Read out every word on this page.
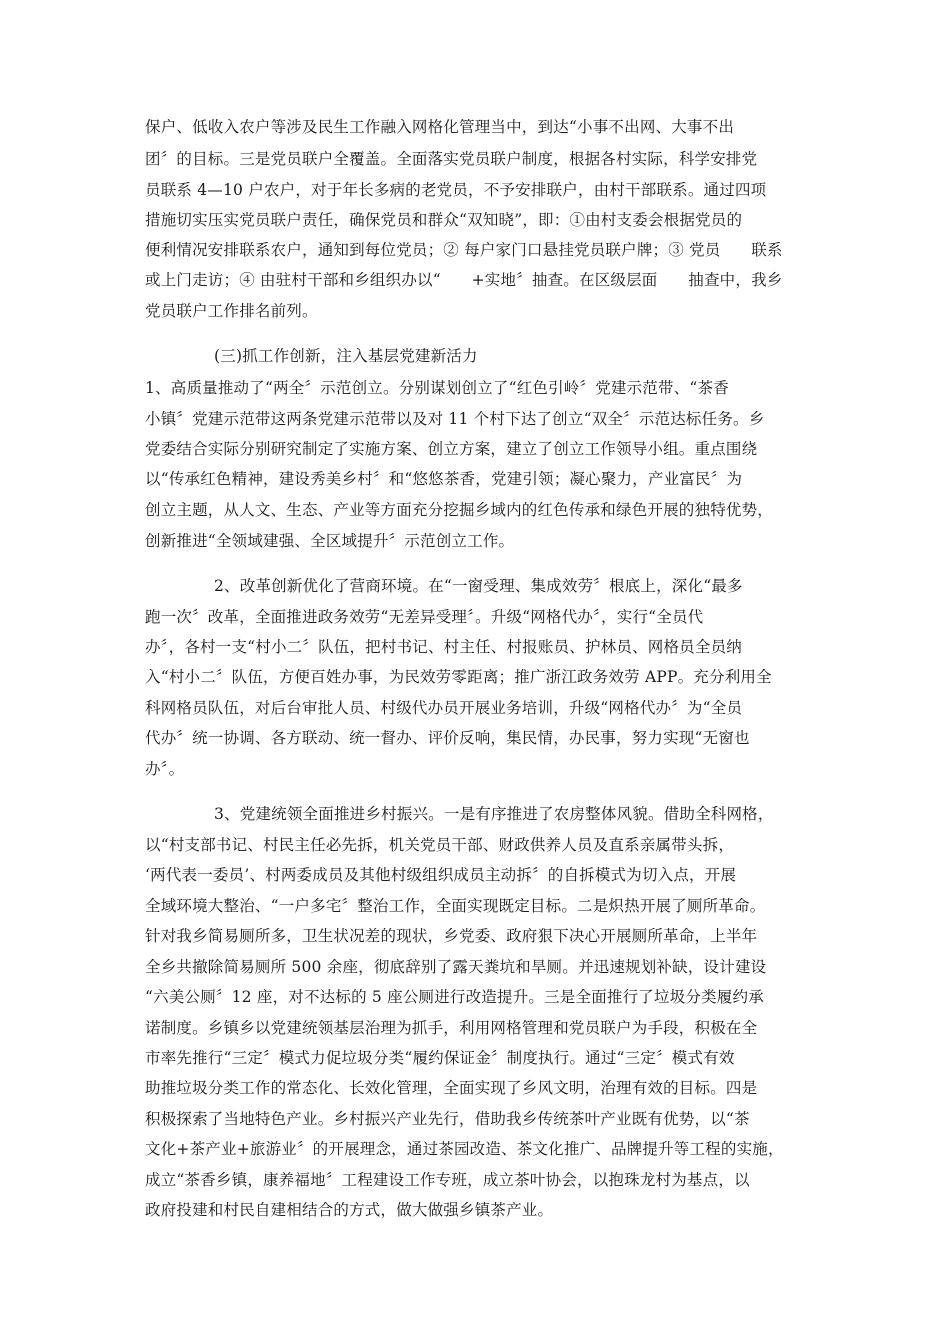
保户、低收入农户等涉及民生工作融入网格化管理当中，到达“小事不出网、大事不出
团〞的目标。三是党员联户全覆盖。全面落实党员联户制度，根据各村实际，科学安排党
员联系 4—10 户农户，对于年长多病的老党员，不予安排联户，由村干部联系。通过四项
措施切实压实党员联户责任，确保党员和群众“双知晓”，即：①由村支委会根据党员的
便利情况安排联系农户，通知到每位党员；② 每户家门口悬挂党员联户牌；③ 党员      联系
或上门走访；④ 由驻村干部和乡组织办以“      +实地〞抽查。在区级层面      抽查中，我乡
党员联户工作排名前列。
(三)抓工作创新，注入基层党建新活力
1、高质量推动了“两全〞示范创立。分别谋划创立了“红色引岭〞党建示范带、“茶香
小镇〞党建示范带这两条党建示范带以及对 11 个村下达了创立“双全〞示范达标任务。乡
党委结合实际分别研究制定了实施方案、创立方案，建立了创立工作领导小组。重点围绕
以“传承红色精神，建设秀美乡村〞和“悠悠茶香，党建引领；凝心聚力，产业富民〞为
创立主题，从人文、生态、产业等方面充分挖掘乡域内的红色传承和绿色开展的独特优势，
创新推进“全领域建强、全区域提升〞示范创立工作。
2、改革创新优化了营商环境。在“一窗受理、集成效劳〞根底上，深化“最多
跑一次〞改革，全面推进政务效劳“无差异受理〞。升级“网格代办〞，实行“全员代
办〞，各村一支“村小二〞队伍，把村书记、村主任、村报账员、护林员、网格员全员纳
入“村小二〞队伍，方便百姓办事，为民效劳零距离；推广浙江政务效劳 APP。充分利用全
科网格员队伍，对后台审批人员、村级代办员开展业务培训，升级“网格代办〞为“全员
代办〞统一协调、各方联动、统一督办、评价反响，集民情，办民事，努力实现“无窗也
办〞。
3、党建统领全面推进乡村振兴。一是有序推进了农房整体风貌。借助全科网格，
以“村支部书记、村民主任必先拆，机关党员干部、财政供养人员及直系亲属带头拆，
‘两代表一委员’、村两委成员及其他村级组织成员主动拆〞的自拆模式为切入点，开展
全域环境大整治、“一户多宅〞整治工作，全面实现既定目标。二是炽热开展了厕所革命。
针对我乡简易厕所多，卫生状况差的现状，乡党委、政府狠下决心开展厕所革命，上半年
全乡共撤除简易厕所 500 余座，彻底辞别了露天粪坑和旱厕。并迅速规划补缺，设计建设
“六美公厕〞12 座，对不达标的 5 座公厕进行改造提升。三是全面推行了垃圾分类履约承
诺制度。乡镇乡以党建统领基层治理为抓手，利用网格管理和党员联户为手段，积极在全
市率先推行“三定〞模式力促垃圾分类“履约保证金〞制度执行。通过“三定〞模式有效
助推垃圾分类工作的常态化、长效化管理，全面实现了乡风文明，治理有效的目标。四是
积极探索了当地特色产业。乡村振兴产业先行，借助我乡传统茶叶产业既有优势，以“茶
文化+茶产业+旅游业〞的开展理念，通过茶园改造、茶文化推广、品牌提升等工程的实施，
成立“茶香乡镇，康养福地〞工程建设工作专班，成立茶叶协会，以抱珠龙村为基点，以
政府投建和村民自建相结合的方式，做大做强乡镇茶产业。
